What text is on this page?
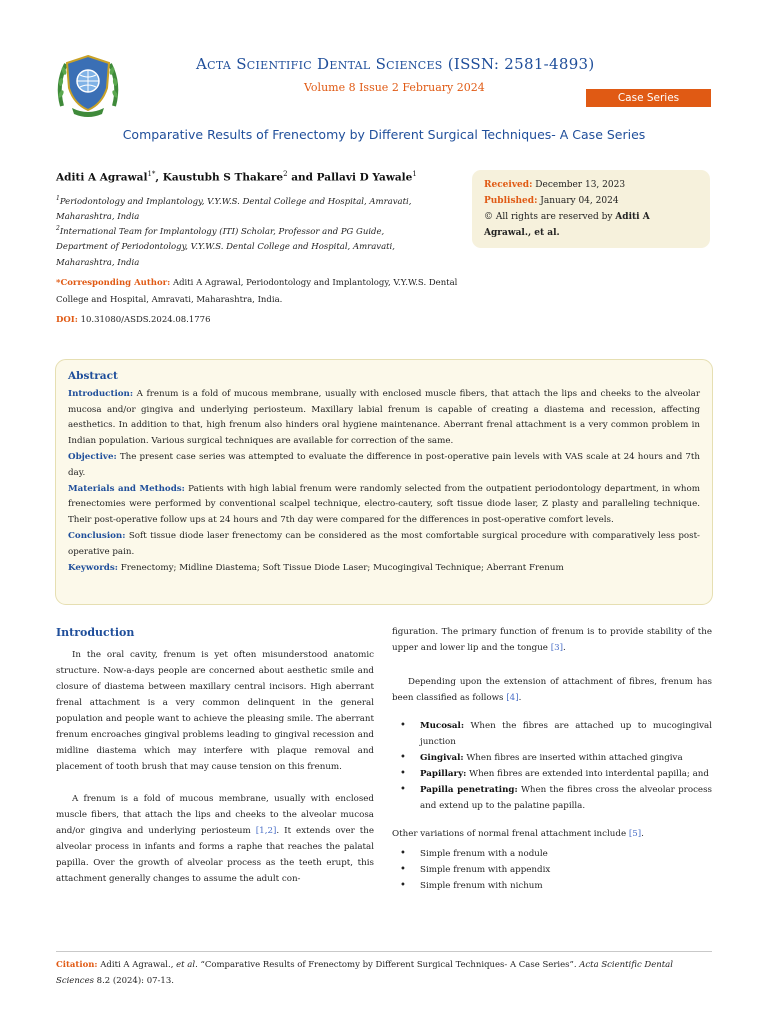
Acta Scientific Dental Sciences (ISSN: 2581-4893)
Volume 8 Issue 2 February 2024
Case Series
Comparative Results of Frenectomy by Different Surgical Techniques- A Case Series
Aditi A Agrawal$^{1*}$, Kaustubh S Thakare$^2$ and Pallavi D Yawale$^1$
$^1$Periodontology and Implantology, V.Y.W.S. Dental College and Hospital, Amravati,
Maharashtra, India
$^2$International Team for Implantology (ITI) Scholar, Professor and PG Guide,
Department of Periodontology, V.Y.W.S. Dental College and Hospital, Amravati,
Maharashtra, India
*Corresponding Author: Aditi A Agrawal, Periodontology and Implantology, V.Y.W.S. Dental College and Hospital, Amravati, Maharashtra, India.
DOI: 10.31080/ASDS.2024.08.1776
Received: December 13, 2023
Published: January 04, 2024
© All rights are reserved by Aditi A Agrawal., et al.
Abstract
Introduction: A frenum is a fold of mucous membrane, usually with enclosed muscle fibers, that attach the lips and cheeks to the alveolar mucosa and/or gingiva and underlying periosteum. Maxillary labial frenum is capable of creating a diastema and recession, affecting aesthetics. In addition to that, high frenum also hinders oral hygiene maintenance. Aberrant frenal attachment is a very common problem in Indian population. Various surgical techniques are available for correction of the same.
Objective: The present case series was attempted to evaluate the difference in post-operative pain levels with VAS scale at 24 hours and 7th day.
Materials and Methods: Patients with high labial frenum were randomly selected from the outpatient periodontology department, in whom frenectomies were performed by conventional scalpel technique, electro-cautery, soft tissue diode laser, Z plasty and paralleling technique. Their post-operative follow ups at 24 hours and 7th day were compared for the differences in post-operative comfort levels.
Conclusion: Soft tissue diode laser frenectomy can be considered as the most comfortable surgical procedure with comparatively less post-operative pain.
Keywords: Frenectomy; Midline Diastema; Soft Tissue Diode Laser; Mucogingival Technique; Aberrant Frenum
Introduction

In the oral cavity, frenum is yet often misunderstood anatomic structure. Now-a-days people are concerned about aesthetic smile and closure of diastema between maxillary central incisors. High aberrant frenal attachment is a very common delinquent in the general population and people want to achieve the pleasing smile. The aberrant frenum encroaches gingival problems leading to gingival recession and midline diastema which may interfere with plaque removal and placement of tooth brush that may cause tension on this frenum.

A frenum is a fold of mucous membrane, usually with enclosed muscle fibers, that attach the lips and cheeks to the alveolar mucosa and/or gingiva and underlying periosteum [1,2]. It extends over the alveolar process in infants and forms a raphe that reaches the palatal papilla. Over the growth of alveolar process as the teeth erupt, this attachment generally changes to assume the adult con-

figuration. The primary function of frenum is to provide stability of the upper and lower lip and the tongue [3].

Depending upon the extension of attachment of fibres, frenum has been classified as follows [4].

• Mucosal: When the fibres are attached up to mucogingival junction
• Gingival: When fibres are inserted within attached gingiva
• Papillary: When fibres are extended into interdental papilla; and
• Papilla penetrating: When the fibres cross the alveolar process and extend up to the palatine papilla.
Other variations of normal frenal attachment include [5].
• Simple frenum with a nodule
• Simple frenum with appendix
• Simple frenum with nichum
Citation: Aditi A Agrawal., et al. “Comparative Results of Frenectomy by Different Surgical Techniques- A Case Series”. Acta Scientific Dental Sciences 8.2 (2024): 07-13.
